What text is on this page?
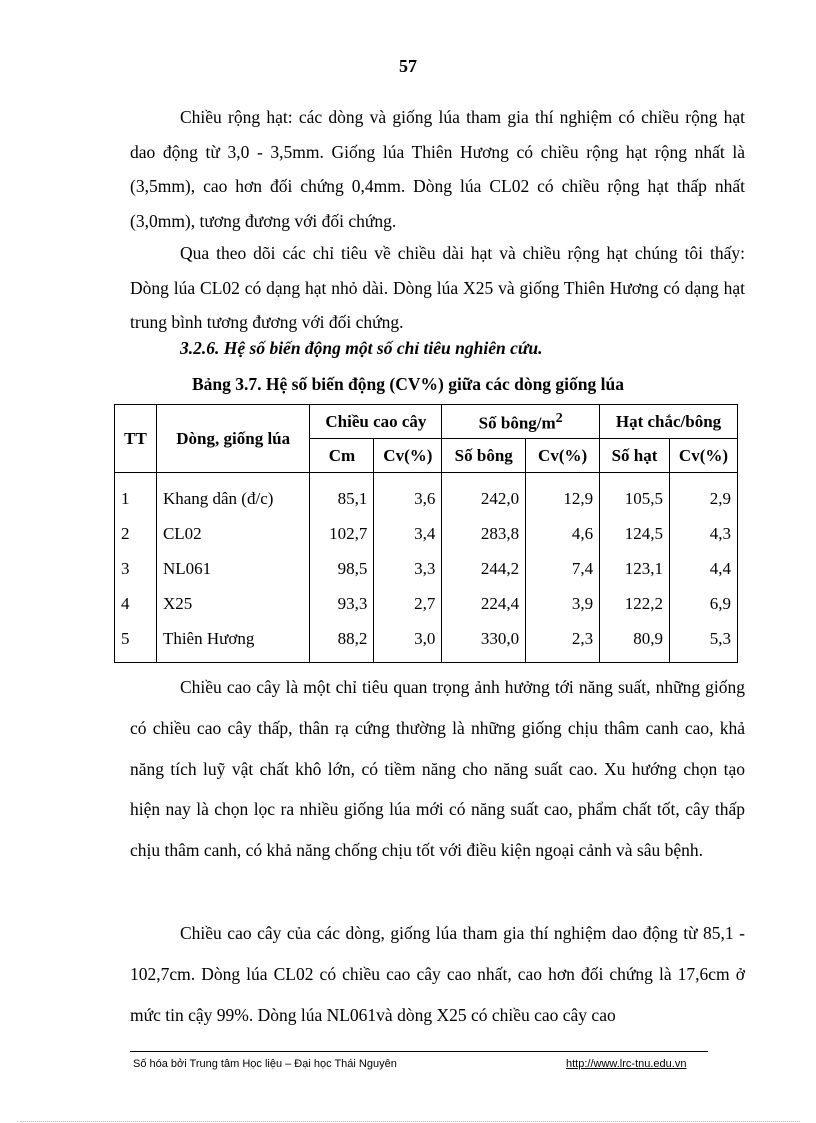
57

Chiều rộng hạt: các dòng và giống lúa tham gia thí nghiệm có chiều rộng hạt dao động từ 3,0 - 3,5mm. Giống lúa Thiên Hương có chiều rộng hạt rộng nhất là (3,5mm), cao hơn đối chứng 0,4mm. Dòng lúa CL02 có chiều rộng hạt thấp nhất (3,0mm), tương đương với đối chứng.

Qua theo dõi các chỉ tiêu về chiều dài hạt và chiều rộng hạt chúng tôi thấy: Dòng lúa CL02 có dạng hạt nhỏ dài. Dòng lúa X25 và giống Thiên Hương có dạng hạt trung bình tương đương với đối chứng.

3.2.6. Hệ số biến động một số chỉ tiêu nghiên cứu.

Bảng 3.7. Hệ số biến động (CV%) giữa các dòng giống lúa

TT	Dòng, giống lúa	Chiều cao cây		Số bông/$m^2$		Hạt chắc/bông	
		Cm	Cv(%)	Số bông	Cv(%)	Số hạt	Cv(%)
1	Khang dân (đ/c)	85,1	3,6	242,0	12,9	105,5	2,9
2	CL02	102,7	3,4	283,8	4,6	124,5	4,3
3	NL061	98,5	3,3	244,2	7,4	123,1	4,4
4	X25	93,3	2,7	224,4	3,9	122,2	6,9
5	Thiên Hương	88,2	3,0	330,0	2,3	80,9	5,3

Chiều cao cây là một chỉ tiêu quan trọng ảnh hưởng tới năng suất, những giống có chiều cao cây thấp, thân rạ cứng thường là những giống chịu thâm canh cao, khả năng tích luỹ vật chất khô lớn, có tiềm năng cho năng suất cao. Xu hướng chọn tạo hiện nay là chọn lọc ra nhiều giống lúa mới có năng suất cao, phẩm chất tốt, cây thấp chịu thâm canh, có khả năng chống chịu tốt với điều kiện ngoại cảnh và sâu bệnh.

Chiều cao cây của các dòng, giống lúa tham gia thí nghiệm dao động từ 85,1 - 102,7cm. Dòng lúa CL02 có chiều cao cây cao nhất, cao hơn đối chứng là 17,6cm ở mức tin cậy 99%. Dòng lúa NL061và dòng X25 có chiều cao cây cao

Số hóa bởi Trung tâm Học liệu – Đại học Thái Nguyên	http://www.lrc-tnu.edu.vn
